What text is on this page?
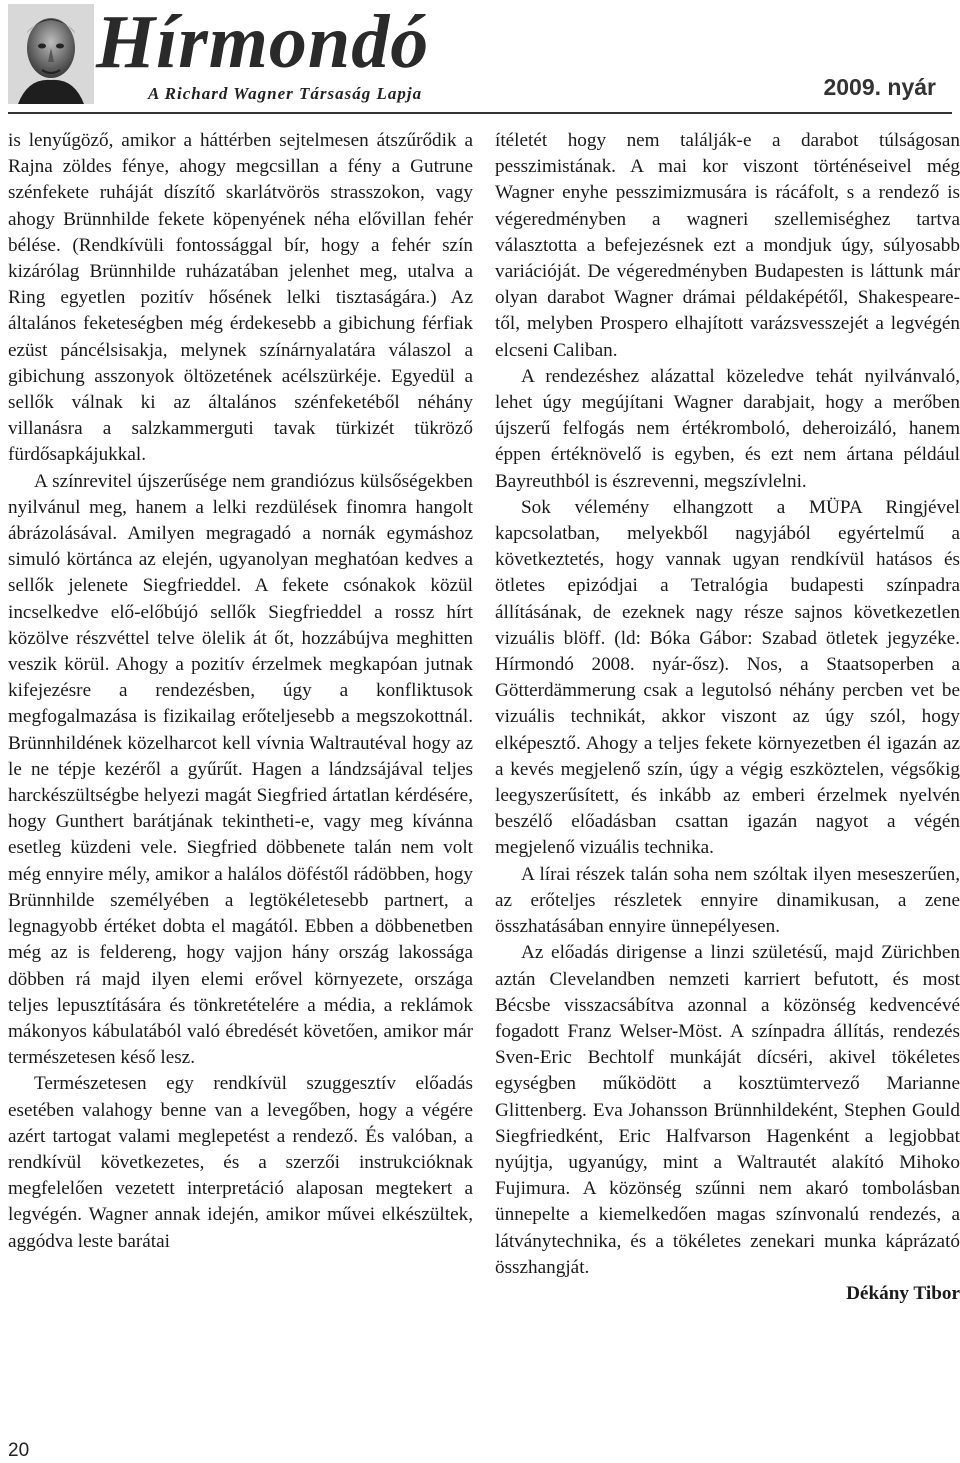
Hírmondó
A Richard Wagner Társaság Lapja	2009. nyár

is lenyűgöző, amikor a háttérben sejtelmesen átszűrődik a Rajna zöldes fénye, ahogy megcsillan a fény a Gutrune szénfekete ruháját díszítő skarlátvörös strasszokon, vagy ahogy Brünnhilde fekete köpenyének néha elővillan fehér bélése. (Rendkívüli fontossággal bír, hogy a fehér szín kizárólag Brünnhilde ruházatában jelenhet meg, utalva a Ring egyetlen pozitív hősének lelki tisztaságára.) Az általános feketeségben még érdekesebb a gibichung férfiak ezüst páncélsisakja, melynek színárnyalatára válaszol a gibichung asszonyok öltözetének acélszürkéje. Egyedül a sellők válnak ki az általános szénfeketéből néhány villanásra a salzkammerguti tavak türkizét tükröző fürdősapkájukkal.

A színrevitel újszerűsége nem grandiózus külsőségekben nyilvánul meg, hanem a lelki rezdülések finomra hangolt ábrázolásával. Amilyen megragadó a nornák egymáshoz simuló körtánca az elején, ugyanolyan meghatóan kedves a sellők jelenete Siegfrieddel. A fekete csónakok közül incselkedve elő-előbújó sellők Siegfrieddel a rossz hírt közölve részvéttel telve ölelik át őt, hozzábújva meghitten veszik körül. Ahogy a pozitív érzelmek megkapóan jutnak kifejezésre a rendezésben, úgy a konfliktusok megfogalmazása is fizikailag erőteljesebb a megszokottnál. Brünnhildének közelharcot kell vívnia Waltrautéval hogy az le ne tépje kezéről a gyűrűt. Hagen a lándzsájával teljes harckészültségbe helyezi magát Siegfried ártatlan kérdésére, hogy Gunthert barátjának tekintheti-e, vagy meg kívánna esetleg küzdeni vele. Siegfried döbbenete talán nem volt még ennyire mély, amikor a halálos döféstől rádöbben, hogy Brünnhilde személyében a legtökéletesebb partnert, a legnagyobb értéket dobta el magától. Ebben a döbbenetben még az is feldereng, hogy vajjon hány ország lakossága döbben rá majd ilyen elemi erővel környezete, országa teljes lepusztítására és tönkretételére a média, a reklámok mákonyos kábulatából való ébredését követően, amikor már természetesen késő lesz.

Természetesen egy rendkívül szuggesztív előadás esetében valahogy benne van a levegőben, hogy a végére azért tartogat valami meglepetést a rendező. És valóban, a rendkívül következetes, és a szerzői instrukcióknak megfelelően vezetett interpretáció alaposan megtekert a legvégén. Wagner annak idején, amikor művei elkészültek, aggódva leste barátai

ítéletét hogy nem találják-e a darabot túlságosan pesszimistának. A mai kor viszont történéseivel még Wagner enyhe pesszimizmusára is rácáfolt, s a rendező is végeredményben a wagneri szellemiséghez tartva választotta a befejezésnek ezt a mondjuk úgy, súlyosabb variációját. De végeredményben Budapesten is láttunk már olyan darabot Wagner drámai példaképétől, Shakespeare-től, melyben Prospero elhajított varázsvesszejét a legvégén elcseni Caliban.

A rendezéshez alázattal közeledve tehát nyilvánvaló, lehet úgy megújítani Wagner darabjait, hogy a merőben újszerű felfogás nem értékromboló, deheroizáló, hanem éppen értéknövelő is egyben, és ezt nem ártana például Bayreuthból is észrevenni, megszívlelni.

Sok vélemény elhangzott a MÜPA Ringjével kapcsolatban, melyekből nagyjából egyértelmű a következtetés, hogy vannak ugyan rendkívül hatásos és ötletes epizódjai a Tetralógia budapesti színpadra állításának, de ezeknek nagy része sajnos következetlen vizuális blöff. (ld: Bóka Gábor: Szabad ötletek jegyzéke. Hírmondó 2008. nyár-ősz). Nos, a Staatsoperben a Götterdämmerung csak a legutolsó néhány percben vet be vizuális technikát, akkor viszont az úgy szól, hogy elképesztő. Ahogy a teljes fekete környezetben él igazán az a kevés megjelenő szín, úgy a végig eszköztelen, végsőkig leegyszerűsített, és inkább az emberi érzelmek nyelvén beszélő előadásban csattan igazán nagyot a végén megjelenő vizuális technika.

A lírai részek talán soha nem szóltak ilyen meseszerűen, az erőteljes részletek ennyire dinamikusan, a zene összhatásában ennyire ünnepélyesen.

Az előadás dirigense a linzi születésű, majd Zürichben aztán Clevelandben nemzeti karriert befutott, és most Bécsbe visszacsábítva azonnal a közönség kedvencévé fogadott Franz Welser-Möst. A színpadra állítás, rendezés Sven-Eric Bechtolf munkáját dícséri, akivel tökéletes egységben működött a kosztümtervező Marianne Glittenberg. Eva Johansson Brünnhildeként, Stephen Gould Siegfriedként, Eric Halfvarson Hagenként a legjobbat nyújtja, ugyanúgy, mint a Waltrautét alakító Mihoko Fujimura. A közönség szűnni nem akaró tombolásban ünnepelte a kiemelkedően magas színvonalú rendezés, a látványtechnika, és a tökéletes zenekari munka káprázató összhangját.

Dékány Tibor

20
